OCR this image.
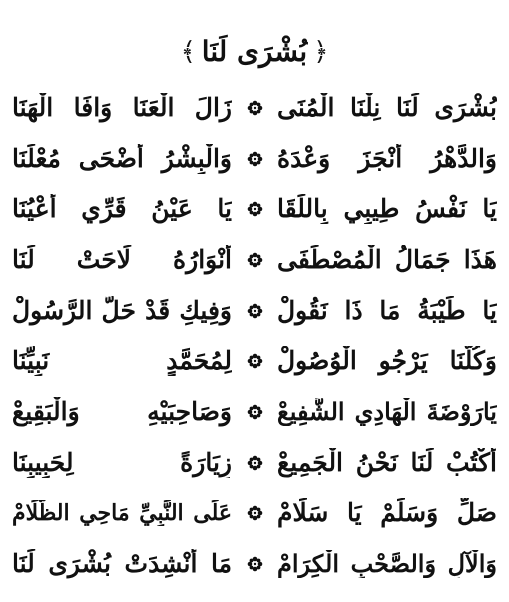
﴿
بُشْرَى لَنَا
﴾
بُشْرَى لَنَا نِلْنَا الْمُنَى
زَالَ الْعَنَا وَافَا الْهَنَا
وَالدَّهْرُ أَنْجَزَ وَعْدَهُ
وَالْبِشْرُ أَضْحَى مُعْلَنَا
يَا نَفْسُ طِيبِي بِاللِّقَا
يَا عَيْنُ قَرِّي أَعْيُنَا
هَذَا جَمَالُ الْمُصْطَفَى
أَنْوَارُهُ لَاحَتْ لَنَا
يَا طَيْبَةُ مَا ذَا نَقُولْ
وَفِيكِ قَدْ حَلَّ الرَّسُولْ
وَكُلُّنَا يَرْجُو الْوُصُولْ
لِمُحَمَّدٍ نَبِيِّنَا
يَارَوْضَةَ الْهَادِي الشَّفِيعْ
وَصَاحِبَيْهِ وَالْبَقِيعْ
أُكْتُبْ لَنَا نَحْنُ الْجَمِيعْ
زِيَارَةً لِحَبِيبِنَا
صَلِّ وَسَلِّمْ يَا سَلَامْ
عَلَى النَّبِيِّ مَاحِي الظَّلَامْ
وَالْآلِ وَالصَّحْبِ الْكِرَامْ
مَا أُنْشِدَتْ بُشْرَى لَنَا
